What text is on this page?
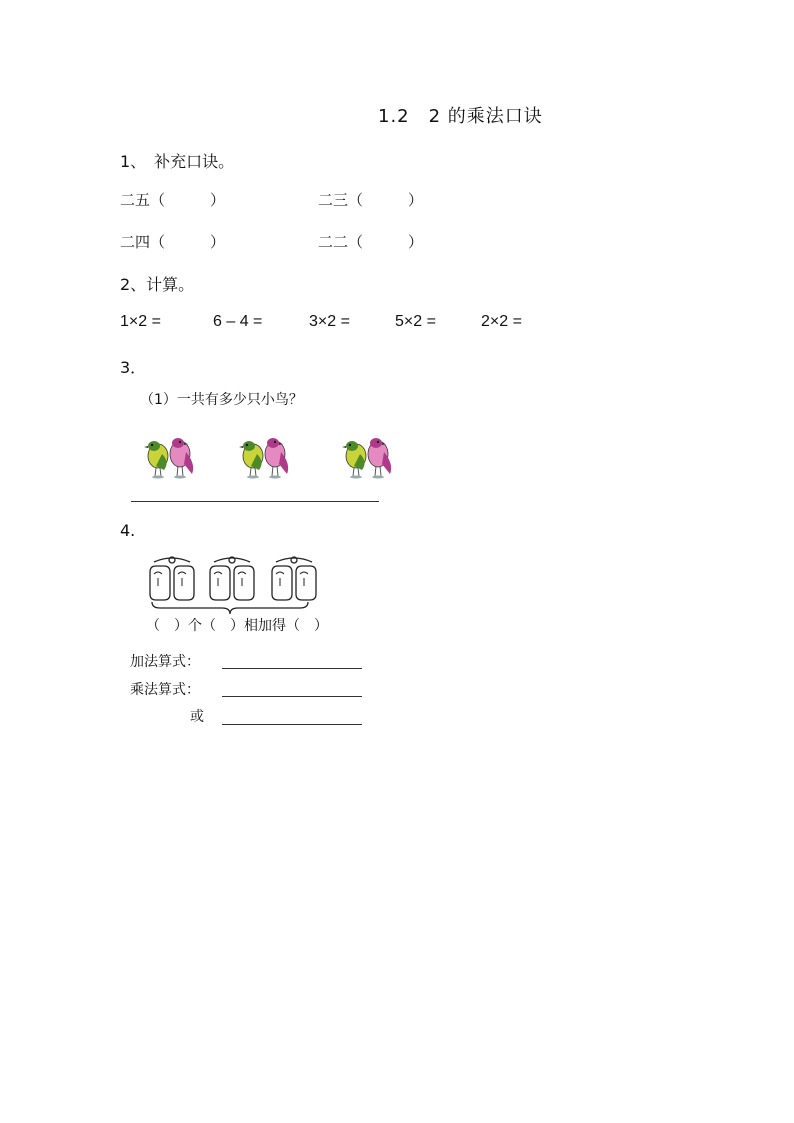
1.2　2 的乘法口诀
1、　补充口诀。
二五（　　　）	二三（　　　）
二四（　　　）	二二（　　　）
2、计算。
1×2 =	6 – 4 =	3×2 =	5×2 =	2×2 =
3．
（1）一共有多少只小鸟？
4.
（　）个（　）相加得（　）
加法算式：
乘法算式：
或
